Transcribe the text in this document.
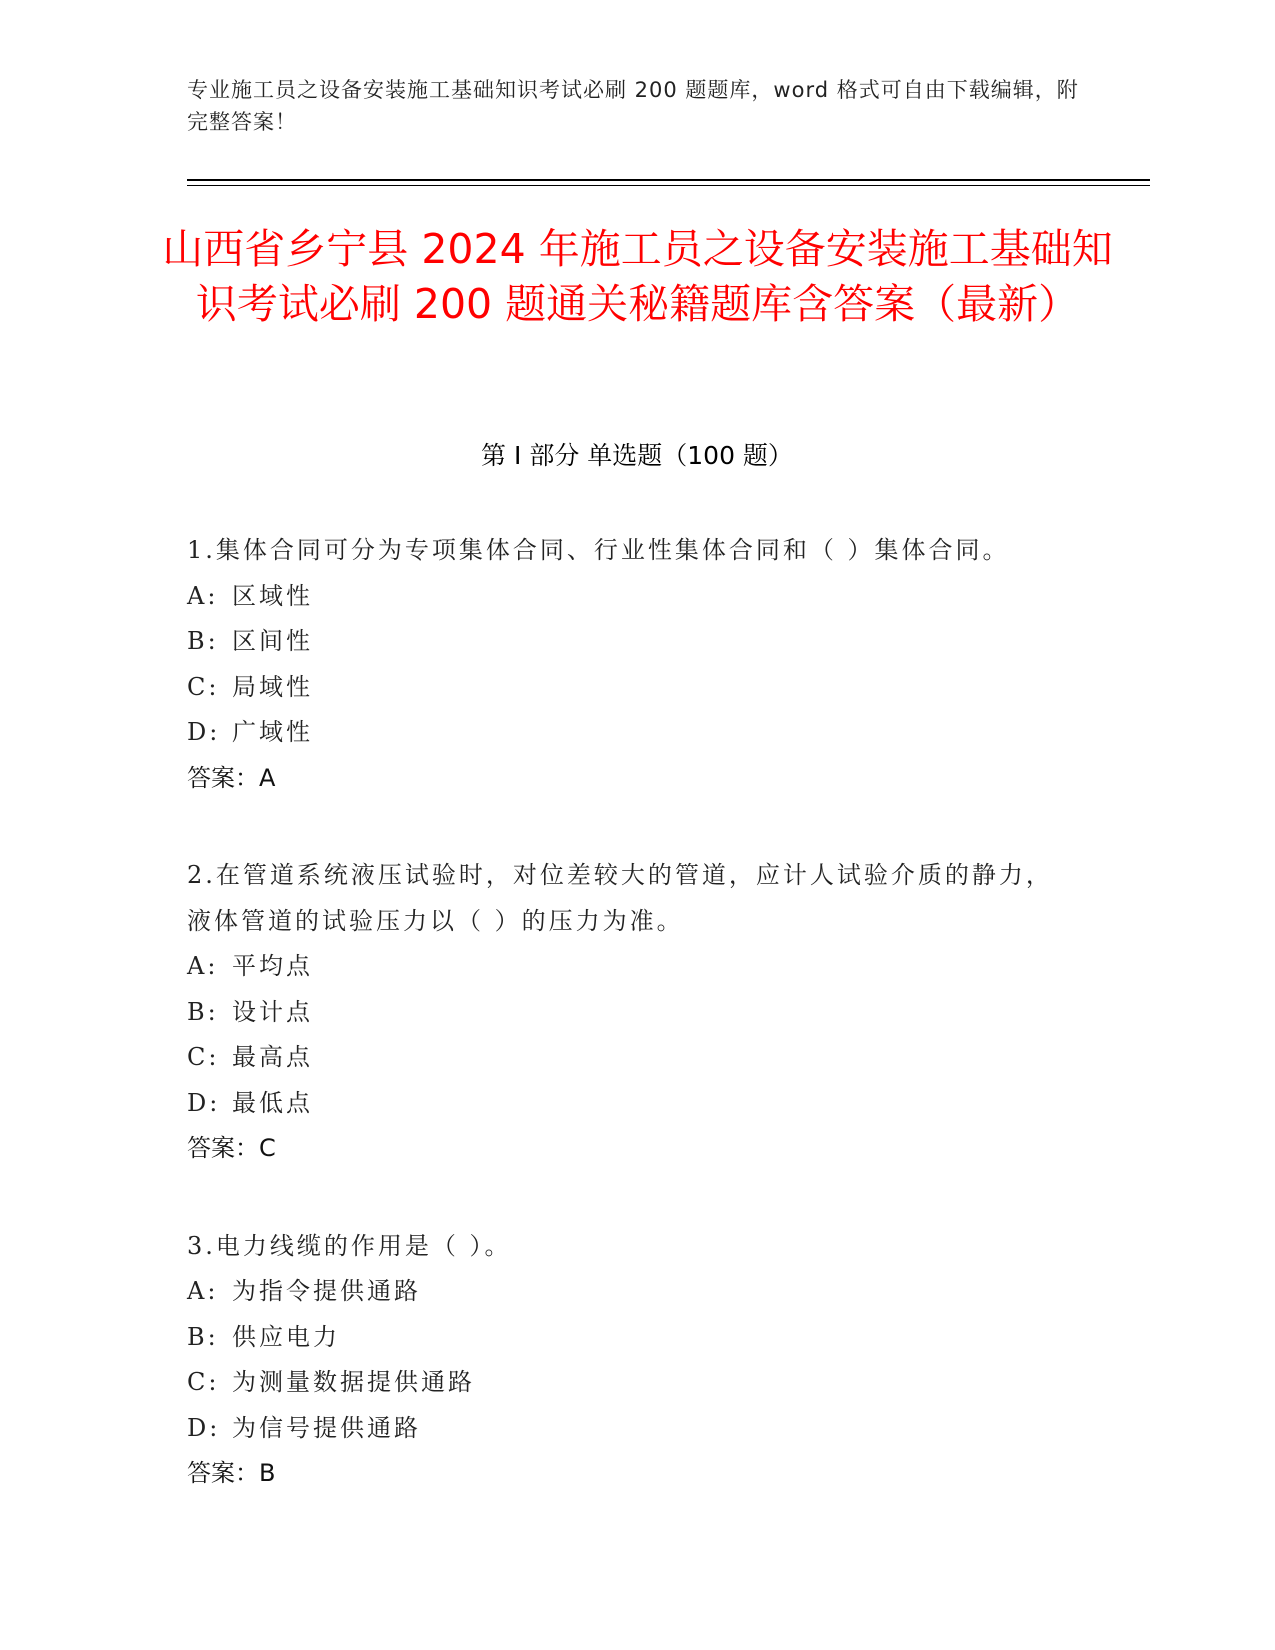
专业施工员之设备安装施工基础知识考试必刷 200 题题库，word 格式可自由下载编辑，附完整答案！
山西省乡宁县 2024 年施工员之设备安装施工基础知识考试必刷 200 题通关秘籍题库含答案（最新）
第 I 部分 单选题（100 题）
1.集体合同可分为专项集体合同、行业性集体合同和（ ）集体合同。
A: 区域性
B: 区间性
C: 局域性
D: 广域性
答案：A
2.在管道系统液压试验时，对位差较大的管道，应计人试验介质的静力，液体管道的试验压力以（ ）的压力为准。
A: 平均点
B: 设计点
C: 最高点
D: 最低点
答案：C
3.电力线缆的作用是（ ）。
A: 为指令提供通路
B: 供应电力
C: 为测量数据提供通路
D: 为信号提供通路
答案：B
